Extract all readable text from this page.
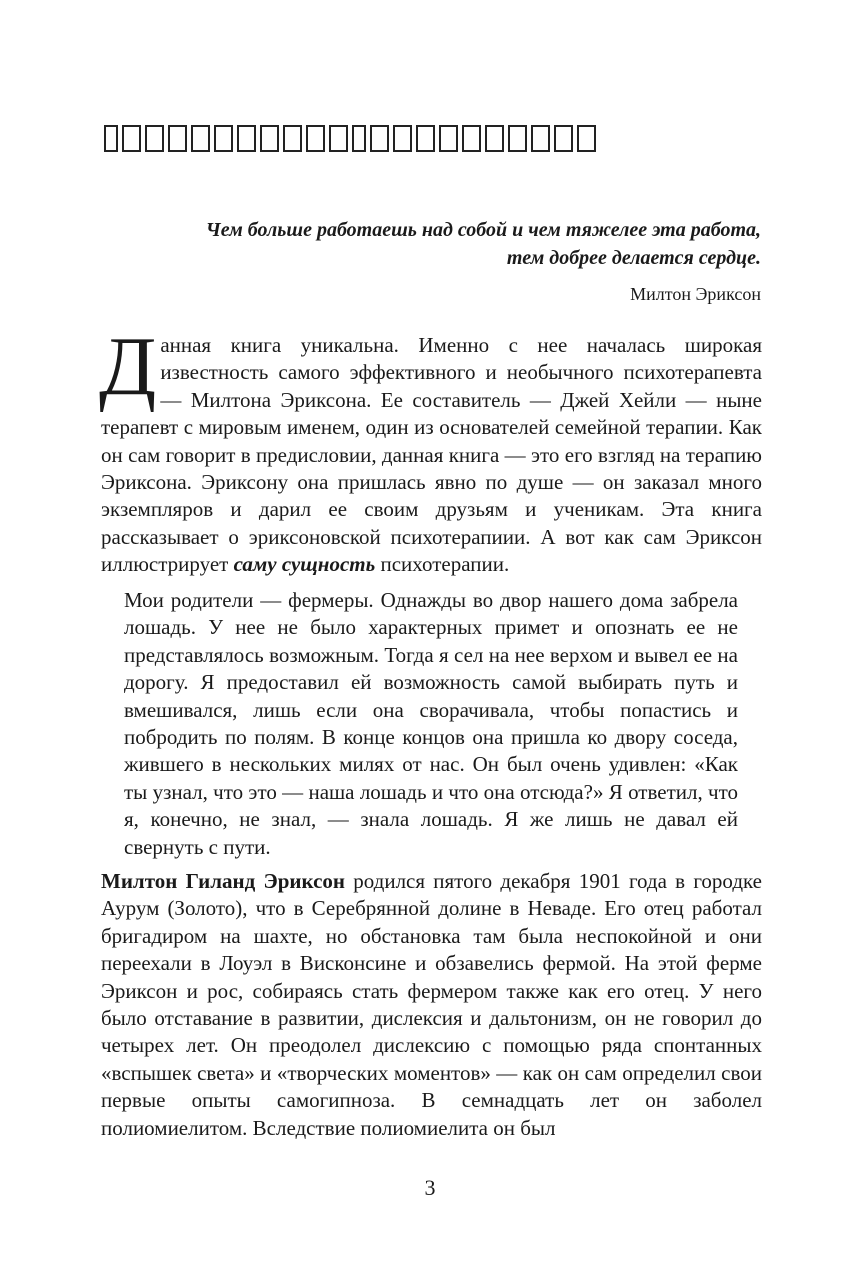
Чем больше работаешь над собой и чем тяжелее эта работа,
тем добрее делается сердце.

Милтон Эриксон

Данная книга уникальна. Именно с нее началась широкая известность самого эффективного и необычного психотерапевта — Милтона Эриксона. Ее составитель — Джей Хейли — ныне терапевт с мировым именем, один из основателей семейной терапии. Как он сам говорит в предисловии, данная книга — это его взгляд на терапию Эриксона. Эриксону она пришлась явно по душе — он заказал много экземпляров и дарил ее своим друзьям и ученикам. Эта книга рассказывает о эриксоновской психотерапиии. А вот как сам Эриксон иллюстрирует саму сущность психотерапии.

Мои родители — фермеры. Однажды во двор нашего дома забрела лошадь. У нее не было характерных примет и опознать ее не представлялось возможным. Тогда я сел на нее верхом и вывел ее на дорогу. Я предоставил ей возможность самой выбирать путь и вмешивался, лишь если она сворачивала, чтобы попастись и побродить по полям. В конце концов она пришла ко двору соседа, жившего в нескольких милях от нас. Он был очень удивлен: «Как ты узнал, что это — наша лошадь и что она отсюда?» Я ответил, что я, конечно, не знал, — знала лошадь. Я же лишь не давал ей свернуть с пути.

Милтон Гиланд Эриксон родился пятого декабря 1901 года в городке Аурум (Золото), что в Серебрянной долине в Неваде. Его отец работал бригадиром на шахте, но обстановка там была неспокойной и они переехали в Лоуэл в Висконсине и обзавелись фермой. На этой ферме Эриксон и рос, собираясь стать фермером также как его отец. У него было отставание в развитии, дислексия и дальтонизм, он не говорил до четырех лет. Он преодолел дислексию с помощью ряда спонтанных «вспышек света» и «творческих моментов» — как он сам определил свои первые опыты самогипноза. В семнадцать лет он заболел полиомиелитом. Вследствие полиомиелита он был

3
